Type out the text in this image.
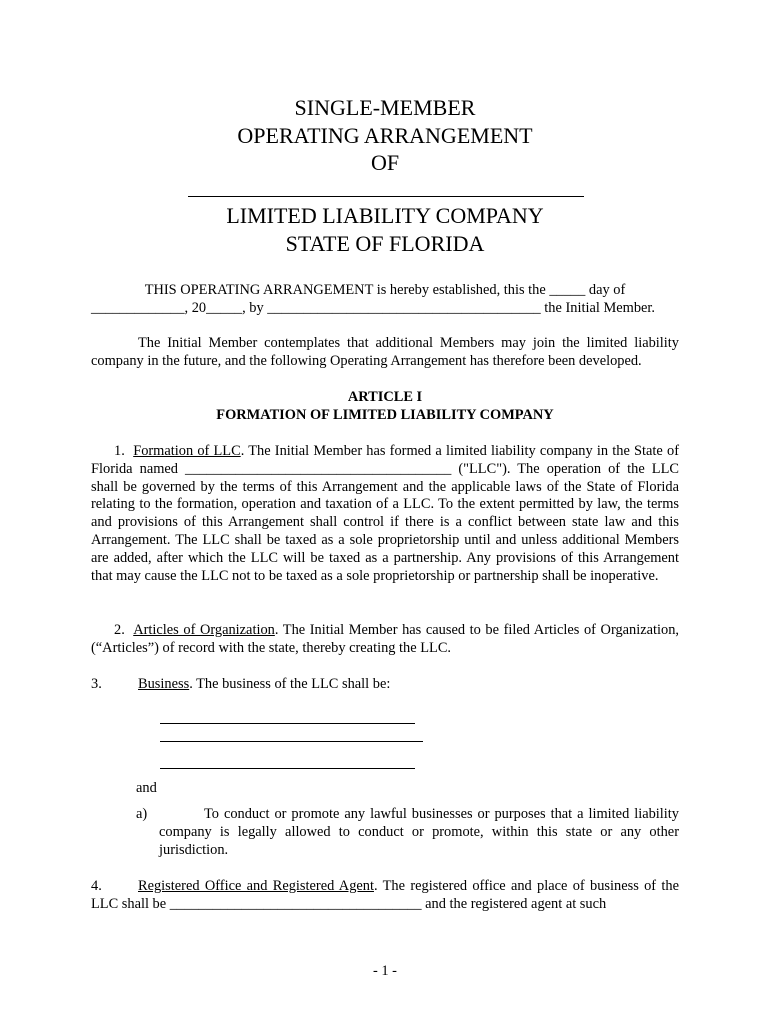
SINGLE-MEMBER
OPERATING ARRANGEMENT
OF
LIMITED LIABILITY COMPANY
STATE OF FLORIDA
THIS OPERATING ARRANGEMENT is hereby established, this the _____ day of
_____________, 20_____, by ______________________________________ the Initial Member.
The Initial Member contemplates that additional Members may join the limited liability company in the future, and the following Operating Arrangement has therefore been developed.
ARTICLE I
FORMATION OF LIMITED LIABILITY COMPANY
1. Formation of LLC. The Initial Member has formed a limited liability company in the State of Florida named _____________________________________ ("LLC"). The operation of the LLC shall be governed by the terms of this Arrangement and the applicable laws of the State of Florida relating to the formation, operation and taxation of a LLC. To the extent permitted by law, the terms and provisions of this Arrangement shall control if there is a conflict between state law and this Arrangement. The LLC shall be taxed as a sole proprietorship until and unless additional Members are added, after which the LLC will be taxed as a partnership. Any provisions of this Arrangement that may cause the LLC not to be taxed as a sole proprietorship or partnership shall be inoperative.
2. Articles of Organization. The Initial Member has caused to be filed Articles of Organization, (“Articles”) of record with the state, thereby creating the LLC.
3.	Business. The business of the LLC shall be:
and
a)	To conduct or promote any lawful businesses or purposes that a limited liability company is legally allowed to conduct or promote, within this state or any other jurisdiction.
4.	Registered Office and Registered Agent. The registered office and place of business of the LLC shall be ___________________________________ and the registered agent at such
- 1 -
